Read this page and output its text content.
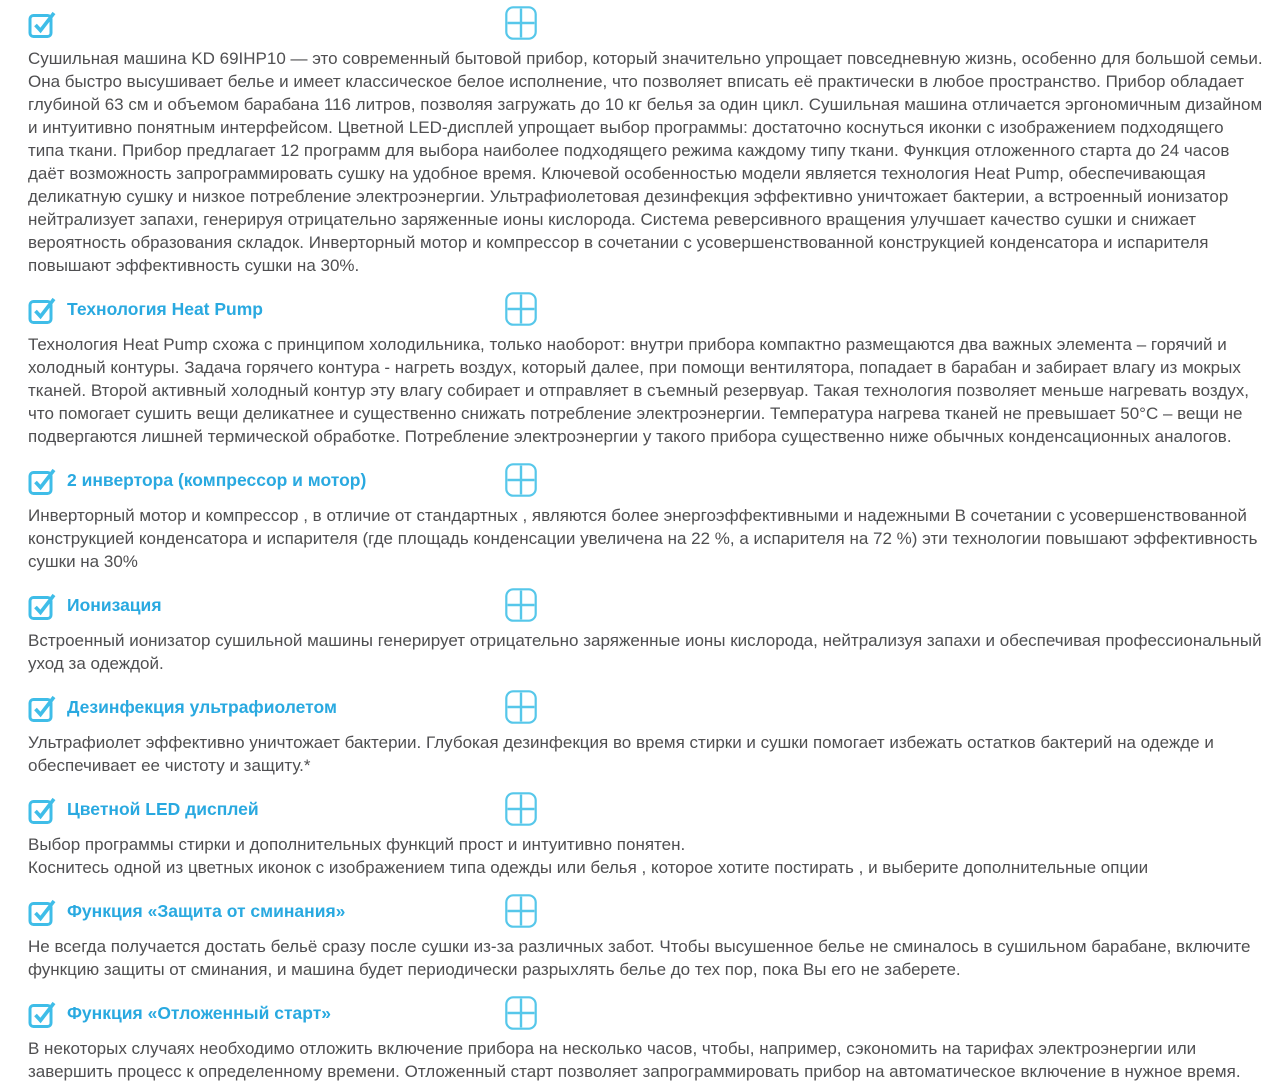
Сушильная машина KD 69IHP10 — это современный бытовой прибор, который значительно упрощает повседневную жизнь, особенно для большой семьи. Она быстро высушивает белье и имеет классическое белое исполнение, что позволяет вписать её практически в любое пространство. Прибор обладает глубиной 63 см и объемом барабана 116 литров, позволяя загружать до 10 кг белья за один цикл. Сушильная машина отличается эргономичным дизайном и интуитивно понятным интерфейсом. Цветной LED-дисплей упрощает выбор программы: достаточно коснуться иконки с изображением подходящего типа ткани. Прибор предлагает 12 программ для выбора наиболее подходящего режима каждому типу ткани. Функция отложенного старта до 24 часов даёт возможность запрограммировать сушку на удобное время. Ключевой особенностью модели является технология Heat Pump, обеспечивающая деликатную сушку и низкое потребление электроэнергии. Ультрафиолетовая дезинфекция эффективно уничтожает бактерии, а встроенный ионизатор нейтрализует запахи, генерируя отрицательно заряженные ионы кислорода. Система реверсивного вращения улучшает качество сушки и снижает вероятность образования складок. Инверторный мотор и компрессор в сочетании с усовершенствованной конструкцией конденсатора и испарителя повышают эффективность сушки на 30%.

Технология Heat Pump

Технология Heat Pump схожа с принципом холодильника, только наоборот: внутри прибора компактно размещаются два важных элемента – горячий и холодный контуры. Задача горячего контура - нагреть воздух, который далее, при помощи вентилятора, попадает в барабан и забирает влагу из мокрых тканей. Второй активный холодный контур эту влагу собирает и отправляет в съемный резервуар. Такая технология позволяет меньше нагревать воздух, что помогает сушить вещи деликатнее и существенно снижать потребление электроэнергии. Температура нагрева тканей не превышает 50°C – вещи не подвергаются лишней термической обработке. Потребление электроэнергии у такого прибора существенно ниже обычных конденсационных аналогов.

2 инвертора (компрессор и мотор)

Инверторный мотор и компрессор , в отличие от стандартных , являются более энергоэффективными и надежными В сочетании с усовершенствованной конструкцией конденсатора и испарителя (где площадь конденсации увеличена на 22 %, а испарителя на 72 %) эти технологии повышают эффективность сушки на 30%

Ионизация

Встроенный ионизатор сушильной машины генерирует отрицательно заряженные ионы кислорода, нейтрализуя запахи и обеспечивая профессиональный уход за одеждой.

Дезинфекция ультрафиолетом

Ультрафиолет эффективно уничтожает бактерии. Глубокая дезинфекция во время стирки и сушки помогает избежать остатков бактерий на одежде и обеспечивает ее чистоту и защиту.*

Цветной LED дисплей

Выбор программы стирки и дополнительных функций прост и интуитивно понятен.

Коснитесь одной из цветных иконок с изображением типа одежды или белья , которое хотите постирать , и выберите дополнительные опции

Функция «Защита от сминания»

Не всегда получается достать бельё сразу после сушки из-за различных забот. Чтобы высушенное белье не сминалось в сушильном барабане, включите функцию защиты от сминания, и машина будет периодически разрыхлять белье до тех пор, пока Вы его не заберете.

Функция «Отложенный старт»

В некоторых случаях необходимо отложить включение прибора на несколько часов, чтобы, например, сэкономить на тарифах электроэнергии или завершить процесс к определенному времени. Отложенный старт позволяет запрограммировать прибор на автоматическое включение в нужное время.
